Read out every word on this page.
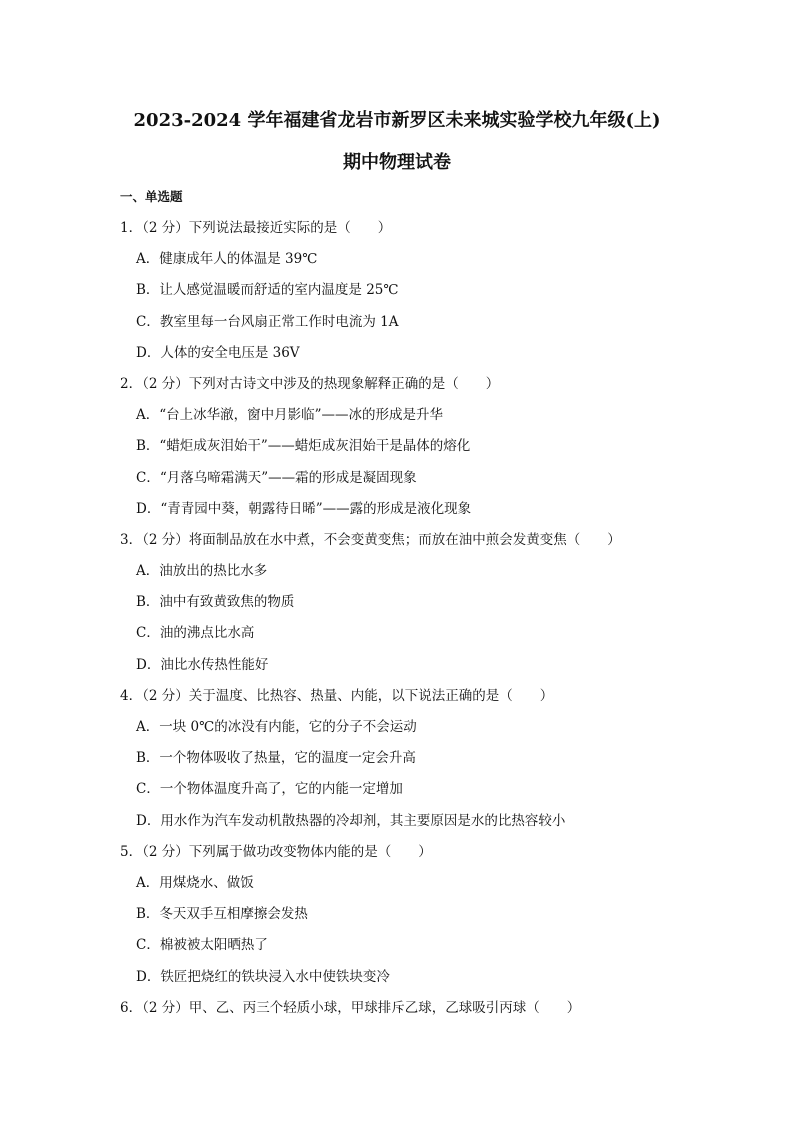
2023-2024 学年福建省龙岩市新罗区未来城实验学校九年级(上)
期中物理试卷
一、单选题
1．（2 分）下列说法最接近实际的是（　　）
A．健康成年人的体温是 39℃
B．让人感觉温暖而舒适的室内温度是 25℃
C．教室里每一台风扇正常工作时电流为 1A
D．人体的安全电压是 36V
2．（2 分）下列对古诗文中涉及的热现象解释正确的是（　　）
A．“台上冰华澈，窗中月影临”——冰的形成是升华
B．“蜡炬成灰泪始干”——蜡炬成灰泪始干是晶体的熔化
C．“月落乌啼霜满天”——霜的形成是凝固现象
D．“青青园中葵，朝露待日晞”——露的形成是液化现象
3．（2 分）将面制品放在水中煮，不会变黄变焦；而放在油中煎会发黄变焦（　　）
A．油放出的热比水多
B．油中有致黄致焦的物质
C．油的沸点比水高
D．油比水传热性能好
4．（2 分）关于温度、比热容、热量、内能，以下说法正确的是（　　）
A．一块 0℃的冰没有内能，它的分子不会运动
B．一个物体吸收了热量，它的温度一定会升高
C．一个物体温度升高了，它的内能一定增加
D．用水作为汽车发动机散热器的冷却剂，其主要原因是水的比热容较小
5．（2 分）下列属于做功改变物体内能的是（　　）
A．用煤烧水、做饭
B．冬天双手互相摩擦会发热
C．棉被被太阳晒热了
D．铁匠把烧红的铁块浸入水中使铁块变冷
6．（2 分）甲、乙、丙三个轻质小球，甲球排斥乙球，乙球吸引丙球（　　）
